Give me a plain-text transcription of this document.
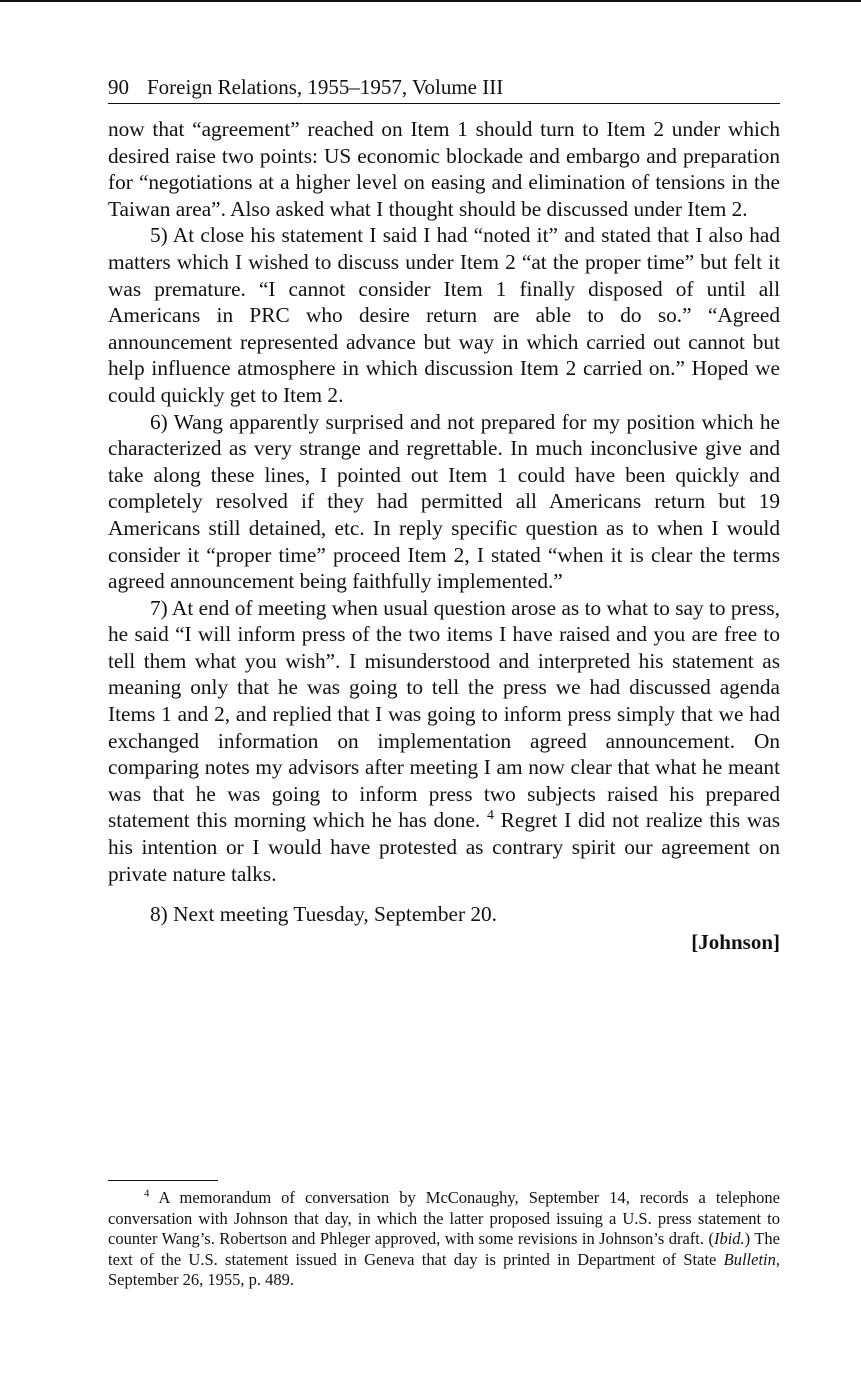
90 Foreign Relations, 1955–1957, Volume III

now that “agreement” reached on Item 1 should turn to Item 2 under which desired raise two points: US economic blockade and embargo and preparation for “negotiations at a higher level on easing and elimination of tensions in the Taiwan area”. Also asked what I thought should be discussed under Item 2.

5) At close his statement I said I had “noted it” and stated that I also had matters which I wished to discuss under Item 2 “at the proper time” but felt it was premature. “I cannot consider Item 1 finally disposed of until all Americans in PRC who desire return are able to do so.” “Agreed announcement represented advance but way in which carried out cannot but help influence atmosphere in which discussion Item 2 carried on.” Hoped we could quickly get to Item 2.

6) Wang apparently surprised and not prepared for my position which he characterized as very strange and regrettable. In much inconclusive give and take along these lines, I pointed out Item 1 could have been quickly and completely resolved if they had permitted all Americans return but 19 Americans still detained, etc. In reply specific question as to when I would consider it “proper time” proceed Item 2, I stated “when it is clear the terms agreed announcement being faithfully implemented.”

7) At end of meeting when usual question arose as to what to say to press, he said “I will inform press of the two items I have raised and you are free to tell them what you wish”. I misunderstood and interpreted his statement as meaning only that he was going to tell the press we had discussed agenda Items 1 and 2, and replied that I was going to inform press simply that we had exchanged information on implementation agreed announcement. On comparing notes my advisors after meeting I am now clear that what he meant was that he was going to inform press two subjects raised his prepared statement this morning which he has done. $^4$ Regret I did not realize this was his intention or I would have protested as contrary spirit our agreement on private nature talks.

8) Next meeting Tuesday, September 20.

[Johnson]

$^4$ A memorandum of conversation by McConaughy, September 14, records a telephone conversation with Johnson that day, in which the latter proposed issuing a U.S. press statement to counter Wang’s. Robertson and Phleger approved, with some revisions in Johnson’s draft. (Ibid.) The text of the U.S. statement issued in Geneva that day is printed in Department of State Bulletin, September 26, 1955, p. 489.
